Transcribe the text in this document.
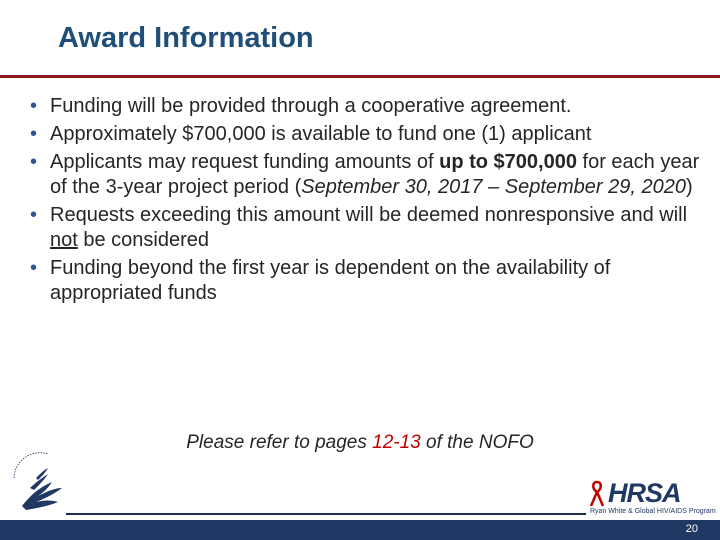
Award Information
• Funding will be provided through a cooperative agreement.
• Approximately $700,000 is available to fund one (1) applicant
• Applicants may request funding amounts of up to $700,000 for each year of the 3-year project period (September 30, 2017 – September 29, 2020)
• Requests exceeding this amount will be deemed nonresponsive and will not be considered
• Funding beyond the first year is dependent on the availability of appropriated funds
Please refer to pages 12-13 of the NOFO
HRSA
Ryan White & Global HIV/AIDS Program
20
